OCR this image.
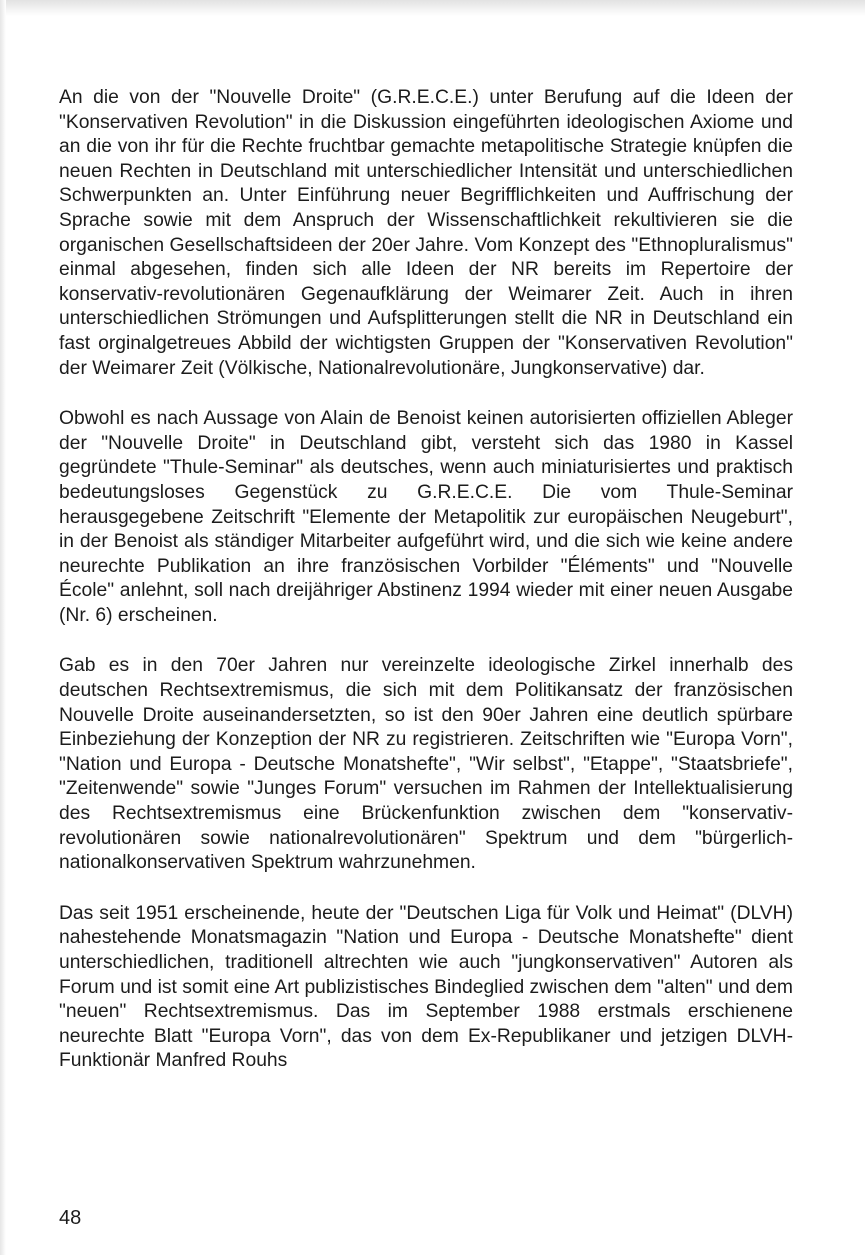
An die von der "Nouvelle Droite" (G.R.E.C.E.) unter Berufung auf die Ideen der "Konservativen Revolution" in die Diskussion eingeführten ideologischen Axiome und an die von ihr für die Rechte fruchtbar gemachte metapolitische Strategie knüpfen die neuen Rechten in Deutschland mit unterschiedlicher Intensität und unterschiedlichen Schwerpunkten an. Unter Einführung neuer Begrifflichkeiten und Auffrischung der Sprache sowie mit dem Anspruch der Wissenschaftlichkeit rekultivieren sie die organischen Gesellschaftsideen der 20er Jahre. Vom Konzept des "Ethnopluralismus" einmal abgesehen, finden sich alle Ideen der NR bereits im Repertoire der konservativ-revolutionären Gegenaufklärung der Weimarer Zeit. Auch in ihren unterschiedlichen Strömungen und Aufsplitterungen stellt die NR in Deutschland ein fast orginalgetreues Abbild der wichtigsten Gruppen der "Konservativen Revolution" der Weimarer Zeit (Völkische, Nationalrevolutionäre, Jungkonservative) dar.

Obwohl es nach Aussage von Alain de Benoist keinen autorisierten offiziellen Ableger der "Nouvelle Droite" in Deutschland gibt, versteht sich das 1980 in Kassel gegründete "Thule-Seminar" als deutsches, wenn auch miniaturisiertes und praktisch bedeutungsloses Gegenstück zu G.R.E.C.E. Die vom Thule-Seminar herausgegebene Zeitschrift "Elemente der Metapolitik zur europäischen Neugeburt", in der Benoist als ständiger Mitarbeiter aufgeführt wird, und die sich wie keine andere neurechte Publikation an ihre französischen Vorbilder "Éléments" und "Nouvelle École" anlehnt, soll nach dreijähriger Abstinenz 1994 wieder mit einer neuen Ausgabe (Nr. 6) erscheinen.

Gab es in den 70er Jahren nur vereinzelte ideologische Zirkel innerhalb des deutschen Rechtsextremismus, die sich mit dem Politikansatz der französischen Nouvelle Droite auseinandersetzten, so ist den 90er Jahren eine deutlich spürbare Einbeziehung der Konzeption der NR zu registrieren. Zeitschriften wie "Europa Vorn", "Nation und Europa - Deutsche Monatshefte", "Wir selbst", "Etappe", "Staatsbriefe", "Zeitenwende" sowie "Junges Forum" versuchen im Rahmen der Intellektualisierung des Rechtsextremismus eine Brückenfunktion zwischen dem "konservativ-revolutionären sowie nationalrevolutionären" Spektrum und dem "bürgerlich-nationalkonservativen Spektrum wahrzunehmen.

Das seit 1951 erscheinende, heute der "Deutschen Liga für Volk und Heimat" (DLVH) nahestehende Monatsmagazin "Nation und Europa - Deutsche Monatshefte" dient unterschiedlichen, traditionell altrechten wie auch "jungkonservativen" Autoren als Forum und ist somit eine Art publizistisches Bindeglied zwischen dem "alten" und dem "neuen" Rechtsextremismus. Das im September 1988 erstmals erschienene neurechte Blatt "Europa Vorn", das von dem Ex-Republikaner und jetzigen DLVH-Funktionär Manfred Rouhs

48
